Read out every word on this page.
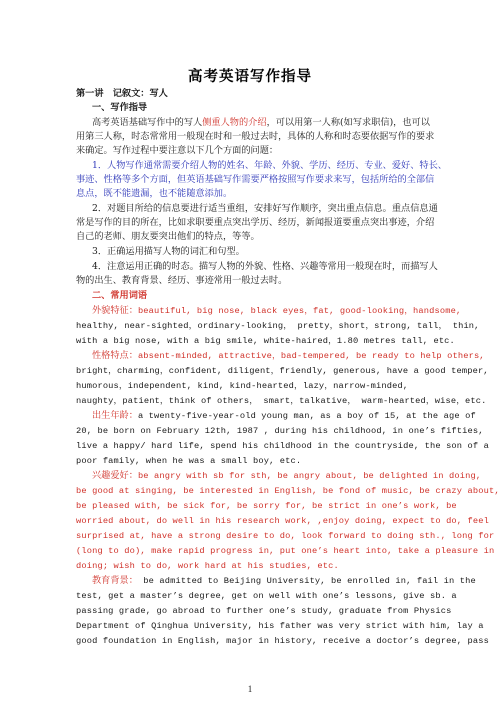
高考英语写作指导
第一讲　记叙文：写人
一、写作指导
高考英语基础写作中的写人侧重人物的介绍，可以用第一人称(如写求职信)，也可以
用第三人称，时态常常用一般现在时和一般过去时，具体的人称和时态要依据写作的要求
来确定。写作过程中要注意以下几个方面的问题：
1．人物写作通常需要介绍人物的姓名、年龄、外貌、学历、经历、专业、爱好、特长、
事迹、性格等多个方面，但英语基础写作需要严格按照写作要求来写，包括所给的全部信
息点，既不能遗漏，也不能随意添加。
2．对题目所给的信息要进行适当重组，安排好写作顺序，突出重点信息。重点信息通
常是写作的目的所在，比如求职要重点突出学历、经历，新闻报道要重点突出事迹，介绍
自己的老师、朋友要突出他们的特点，等等。
3．正确运用描写人物的词汇和句型。
4．注意运用正确的时态。描写人物的外貌、性格、兴趣等常用一般现在时，而描写人
物的出生、教育背景、经历、事迹常用一般过去时。
二、常用词语
外貌特征：beautiful, big nose, black eyes，fat, good-looking，handsome,
healthy, near-sighted，ordinary-looking， pretty，short，strong, tall， thin,
with a big nose, with a big smile, white-haired，1.80 metres tall, etc.
性格特点：absent-minded, attractive，bad-tempered, be ready to help others,
bright，charming，confident, diligent，friendly, generous, have a good temper,
humorous，independent, kind, kind-hearted，lazy，narrow-minded,
naughty，patient，think of others， smart，talkative， warm-hearted，wise，etc.
出生年龄：a twenty-five-year-old young man, as a boy of 15, at the age of
20, be born on February 12th, 1987 , during his childhood, in one’s fifties,
live a happy/ hard life, spend his childhood in the countryside, the son of a
poor family, when he was a small boy, etc.
兴趣爱好：be angry with sb for sth, be angry about, be delighted in doing,
be good at singing, be interested in English, be fond of music, be crazy about,
be pleased with, be sick for, be sorry for, be strict in one’s work, be
worried about, do well in his research work, ,enjoy doing, expect to do, feel
surprised at, have a strong desire to do, look forward to doing sth., long for
(long to do), make rapid progress in, put one’s heart into, take a pleasure in
doing; wish to do, work hard at his studies, etc.
教育背景： be admitted to Beijing University, be enrolled in, fail in the
test, get a master’s degree, get on well with one’s lessons, give sb. a
passing grade, go abroad to further one’s study, graduate from Physics
Department of Qinghua University, his father was very strict with him, lay a
good foundation in English, major in history, receive a doctor’s degree, pass
1
